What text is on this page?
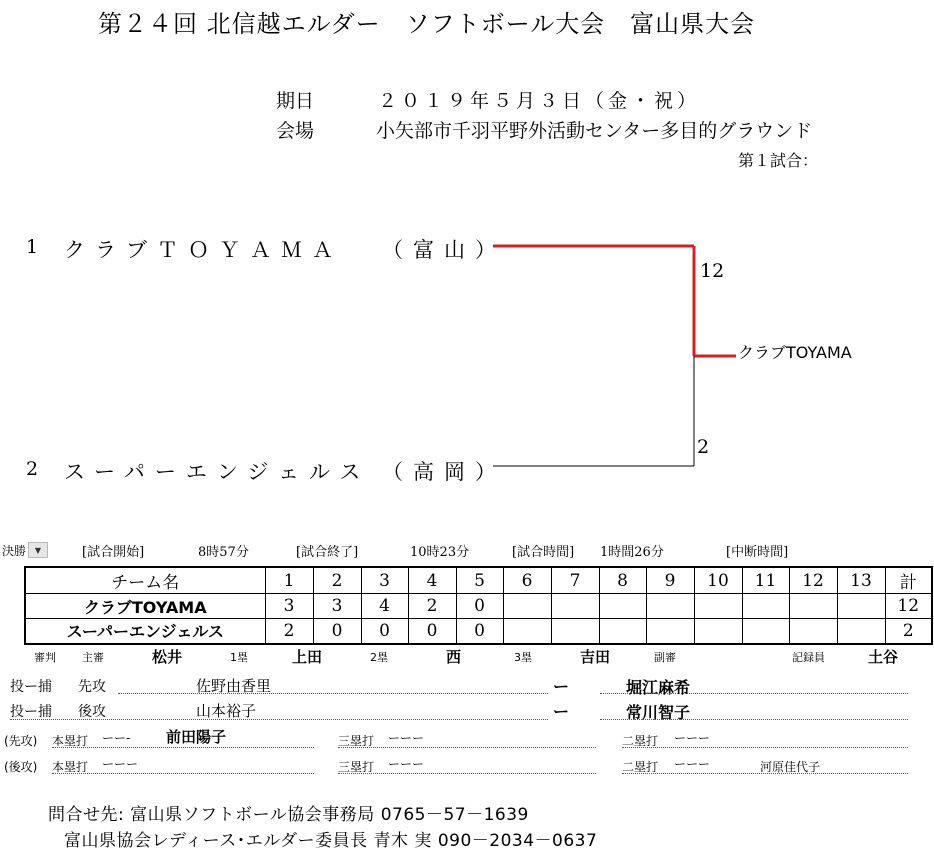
第２４回 北信越エルダー　ソフトボール大会　富山県大会
期日	２０１９年５月３日（金・祝）
会場	小矢部市千羽平野外活動センター多目的グラウンド
第１試合：
1 クラブＴＯＹＡＭＡ （富山）
12
2 スーパーエンジェルス （高岡）
2
クラブTOYAMA
決勝	▼	[試合開始]	8時57分	[試合終了]	10時23分	[試合時間] 1時間26分	[中断時間]
チーム名	1	2	3	4	5	6	7	8	9	10	11	12	13	計
クラブTOYAMA	3	3	4	2	0									12
スーパーエンジェルス	2	0	0	0	0									2
審判 主審	松井	1塁	上田	2塁	西	3塁	吉田	副審	記録員	土谷
投ー捕 先攻	佐野由香里	ー	堀江麻希
投ー捕 後攻	山本裕子	ー	常川智子
(先攻) 本塁打 ーー- 前田陽子	三塁打 ーーー	二塁打 ーーー
(後攻) 本塁打 ーーー	三塁打 ーーー	二塁打 ーーー	河原佳代子
問合せ先: 富山県ソフトボール協会事務局 0765－57－1639
富山県協会レディース･エルダー委員長 青木 実 090－2034－0637
